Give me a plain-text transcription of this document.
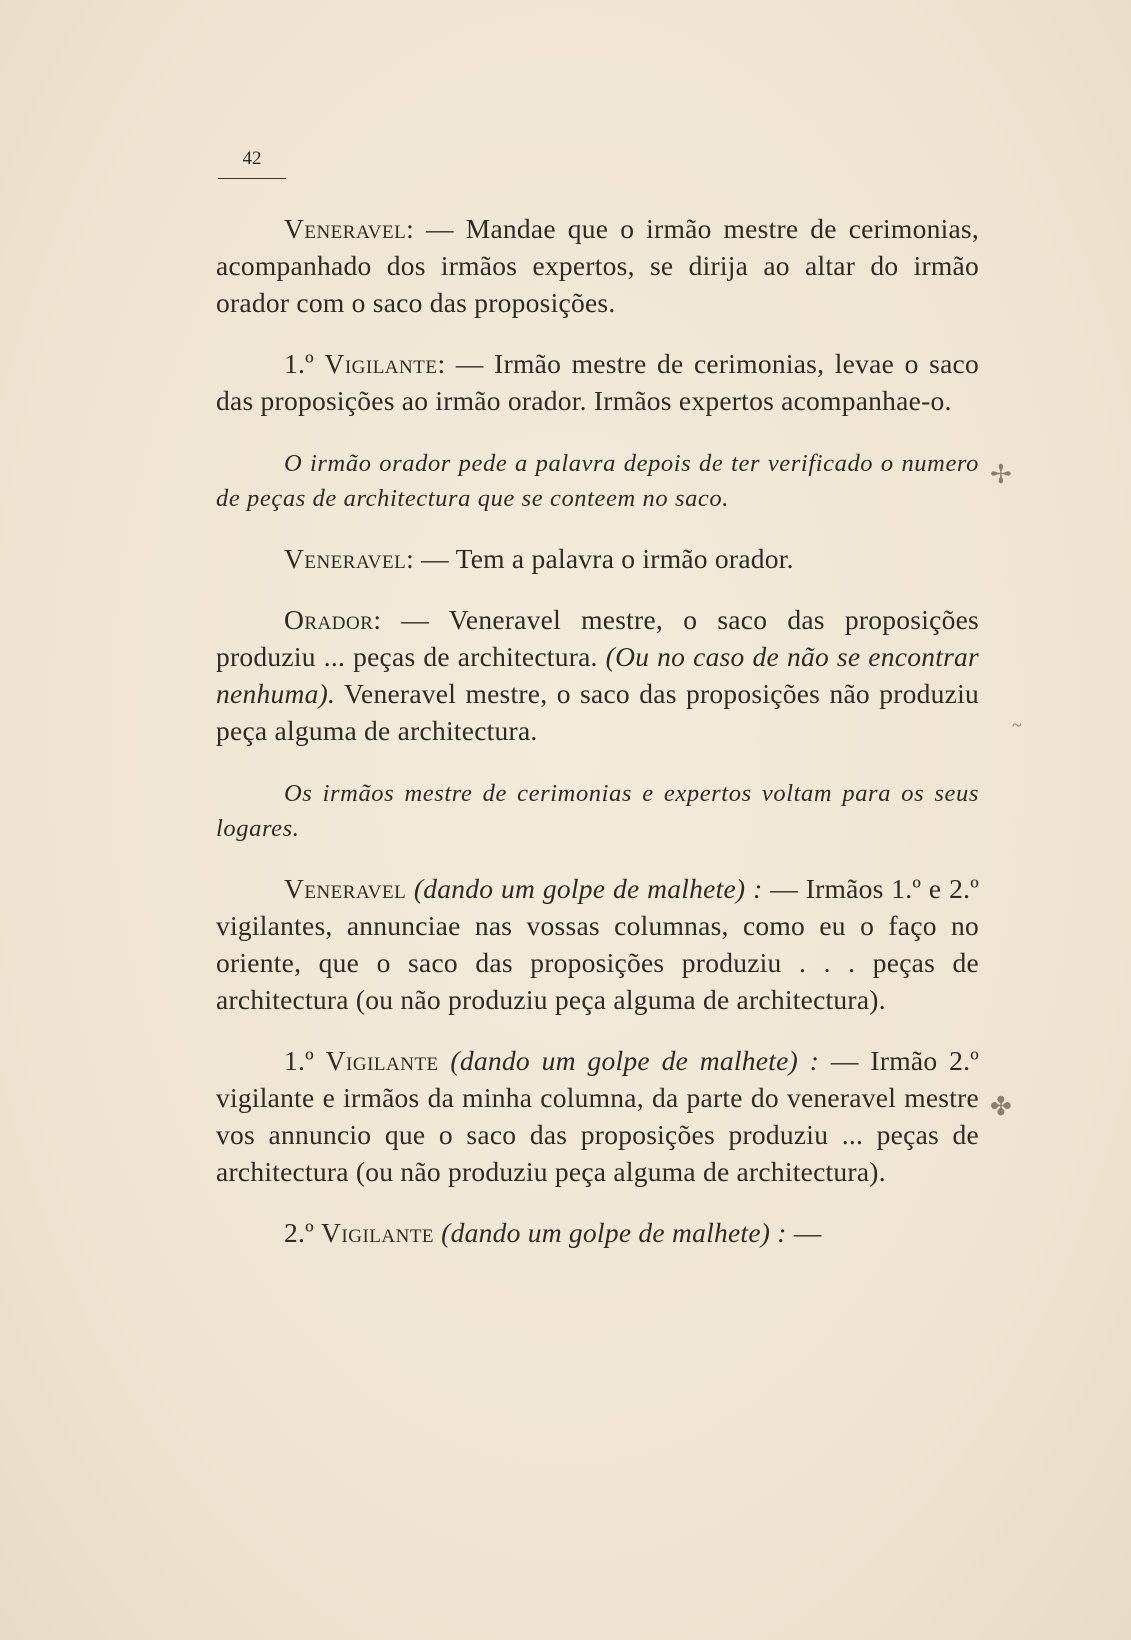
42
✢
~
✤

Veneravel: — Mandae que o irmão mestre de cerimonias, acompanhado dos irmãos expertos, se dirija ao altar do irmão orador com o saco das proposições.

1.º Vigilante: — Irmão mestre de cerimonias, levae o saco das proposições ao irmão orador. Irmãos expertos acompanhae-o.

O irmão orador pede a palavra depois de ter verificado o numero de peças de architectura que se conteem no saco.

Veneravel: — Tem a palavra o irmão orador.

Orador: — Veneravel mestre, o saco das proposições produziu ... peças de architectura. (Ou no caso de não se encontrar nenhuma). Veneravel mestre, o saco das proposições não produziu peça alguma de architectura.

Os irmãos mestre de cerimonias e expertos voltam para os seus logares.

Veneravel (dando um golpe de malhete) : — Irmãos 1.º e 2.º vigilantes, annunciae nas vossas columnas, como eu o faço no oriente, que o saco das proposições produziu . . . peças de architectura (ou não produziu peça alguma de architectura).

1.º Vigilante (dando um golpe de malhete) : — Irmão 2.º vigilante e irmãos da minha columna, da parte do veneravel mestre vos annuncio que o saco das proposições produziu ... peças de architectura (ou não produziu peça alguma de architectura).

2.º Vigilante (dando um golpe de malhete) : —
